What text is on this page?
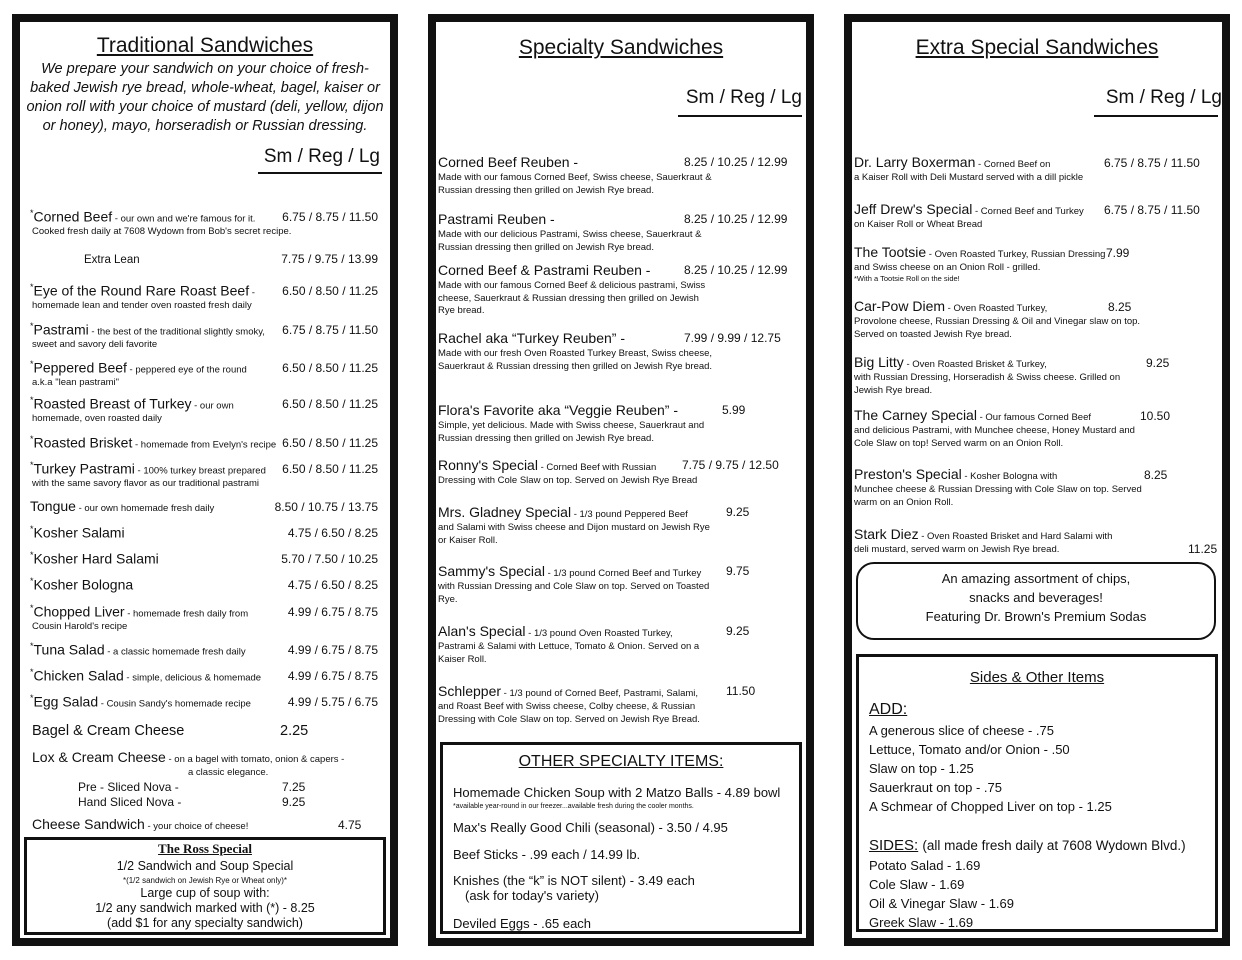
Traditional Sandwiches
We prepare your sandwich on your choice of fresh-baked Jewish rye bread, whole-wheat, bagel, kaiser or onion roll with your choice of mustard (deli, yellow, dijon or honey), mayo, horseradish or Russian dressing.
Sm / Reg / Lg
*Corned Beef - our own and we're famous for it.
Cooked fresh daily at 7608 Wydown from Bob's secret recipe.
6.75 / 8.75 / 11.50
Extra Lean	7.75 / 9.75 / 13.99
*Eye of the Round Rare Roast Beef -
homemade lean and tender oven roasted fresh daily
6.50 / 8.50 / 11.25
*Pastrami - the best of the traditional slightly smoky,
sweet and savory deli favorite
6.75 / 8.75 / 11.50
*Peppered Beef - peppered eye of the round
a.k.a "lean pastrami"
6.50 / 8.50 / 11.25
*Roasted Breast of Turkey - our own
homemade, oven roasted daily
6.50 / 8.50 / 11.25
*Roasted Brisket - homemade from Evelyn's recipe 6.50 / 8.50 / 11.25
*Turkey Pastrami - 100% turkey breast prepared
with the same savory flavor as our traditional pastrami
6.50 / 8.50 / 11.25
Tongue - our own homemade fresh daily	8.50 / 10.75 / 13.75
*Kosher Salami	4.75 / 6.50 / 8.25
*Kosher Hard Salami	5.70 / 7.50 / 10.25
*Kosher Bologna	4.75 / 6.50 / 8.25
*Chopped Liver - homemade fresh daily from
Cousin Harold's recipe
4.99 / 6.75 / 8.75
*Tuna Salad - a classic homemade fresh daily	4.99 / 6.75 / 8.75
*Chicken Salad - simple, delicious & homemade 4.99 / 6.75 / 8.75
*Egg Salad - Cousin Sandy's homemade recipe	4.99 / 5.75 / 6.75
Bagel & Cream Cheese	2.25
Lox & Cream Cheese - on a bagel with tomato, onion & capers -
a classic elegance.
Pre - Sliced Nova -	7.25
Hand Sliced Nova -	9.25
Cheese Sandwich - your choice of cheese!	4.75
The Ross Special
1/2 Sandwich and Soup Special
*(1/2 sandwich on Jewish Rye or Wheat only)*
Large cup of soup with:
1/2 any sandwich marked with (*) - 8.25
(add $1 for any specialty sandwich)
Specialty Sandwiches
Sm / Reg / Lg
Corned Beef Reuben -	8.25 / 10.25 / 12.99
Made with our famous Corned Beef, Swiss cheese, Sauerkraut & Russian dressing then grilled on Jewish Rye bread.
Pastrami Reuben -	8.25 / 10.25 / 12.99
Made with our delicious Pastrami, Swiss cheese, Sauerkraut & Russian dressing then grilled on Jewish Rye bread.
Corned Beef & Pastrami Reuben -	8.25 / 10.25 / 12.99
Made with our famous Corned Beef & delicious pastrami, Swiss cheese, Sauerkraut & Russian dressing then grilled on Jewish Rye bread.
Rachel aka “Turkey Reuben” -	7.99 / 9.99 / 12.75
Made with our fresh Oven Roasted Turkey Breast, Swiss cheese, Sauerkraut & Russian dressing then grilled on Jewish Rye bread.
Flora's Favorite aka “Veggie Reuben” -	5.99
Simple, yet delicious. Made with Swiss cheese, Sauerkraut and Russian dressing then grilled on Jewish Rye bread.
Ronny's Special - Corned Beef with Russian 7.75 / 9.75 / 12.50
Dressing with Cole Slaw on top. Served on Jewish Rye Bread
Mrs. Gladney Special - 1/3 pound Peppered Beef	9.25
and Salami with Swiss cheese and Dijon mustard on Jewish Rye or Kaiser Roll.
Sammy's Special - 1/3 pound Corned Beef and Turkey 9.75
with Russian Dressing and Cole Slaw on top. Served on Toasted Rye.
Alan's Special - 1/3 pound Oven Roasted Turkey,	9.25
Pastrami & Salami with Lettuce, Tomato & Onion. Served on a Kaiser Roll.
Schlepper - 1/3 pound of Corned Beef, Pastrami, Salami, 11.50
and Roast Beef with Swiss cheese, Colby cheese, & Russian Dressing with Cole Slaw on top. Served on Jewish Rye Bread.
OTHER SPECIALTY ITEMS:
Homemade Chicken Soup with 2 Matzo Balls - 4.89 bowl
*available year-round in our freezer...available fresh during the cooler months.
Max's Really Good Chili (seasonal) - 3.50 / 4.95
Beef Sticks - .99 each / 14.99 lb.
Knishes (the “k” is NOT silent) - 3.49 each
(ask for today's variety)
Deviled Eggs - .65 each
Extra Special Sandwiches
Sm / Reg / Lg
Dr. Larry Boxerman - Corned Beef on	6.75 / 8.75 / 11.50
a Kaiser Roll with Deli Mustard served with a dill pickle
Jeff Drew's Special - Corned Beef and Turkey 6.75 / 8.75 / 11.50
on Kaiser Roll or Wheat Bread
The Tootsie - Oven Roasted Turkey, Russian Dressing 7.99
and Swiss cheese on an Onion Roll - grilled.
*With a Tootsie Roll on the side!
Car-Pow Diem - Oven Roasted Turkey,	8.25
Provolone cheese, Russian Dressing & Oil and Vinegar slaw on top. Served on toasted Jewish Rye bread.
Big Litty - Oven Roasted Brisket & Turkey,	9.25
with Russian Dressing, Horseradish & Swiss cheese. Grilled on Jewish Rye bread.
The Carney Special - Our famous Corned Beef	10.50
and delicious Pastrami, with Munchee cheese, Honey Mustard and Cole Slaw on top! Served warm on an Onion Roll.
Preston's Special - Kosher Bologna with	8.25
Munchee cheese & Russian Dressing with Cole Slaw on top. Served warm on an Onion Roll.
Stark Diez - Oven Roasted Brisket and Hard Salami with
11.25
deli mustard, served warm on Jewish Rye bread.
An amazing assortment of chips,
snacks and beverages!
Featuring Dr. Brown's Premium Sodas
Sides & Other Items
ADD:
A generous slice of cheese - .75
Lettuce, Tomato and/or Onion - .50
Slaw on top - 1.25
Sauerkraut on top - .75
A Schmear of Chopped Liver on top - 1.25
SIDES: (all made fresh daily at 7608 Wydown Blvd.)
Potato Salad - 1.69
Cole Slaw - 1.69
Oil & Vinegar Slaw - 1.69
Greek Slaw - 1.69
